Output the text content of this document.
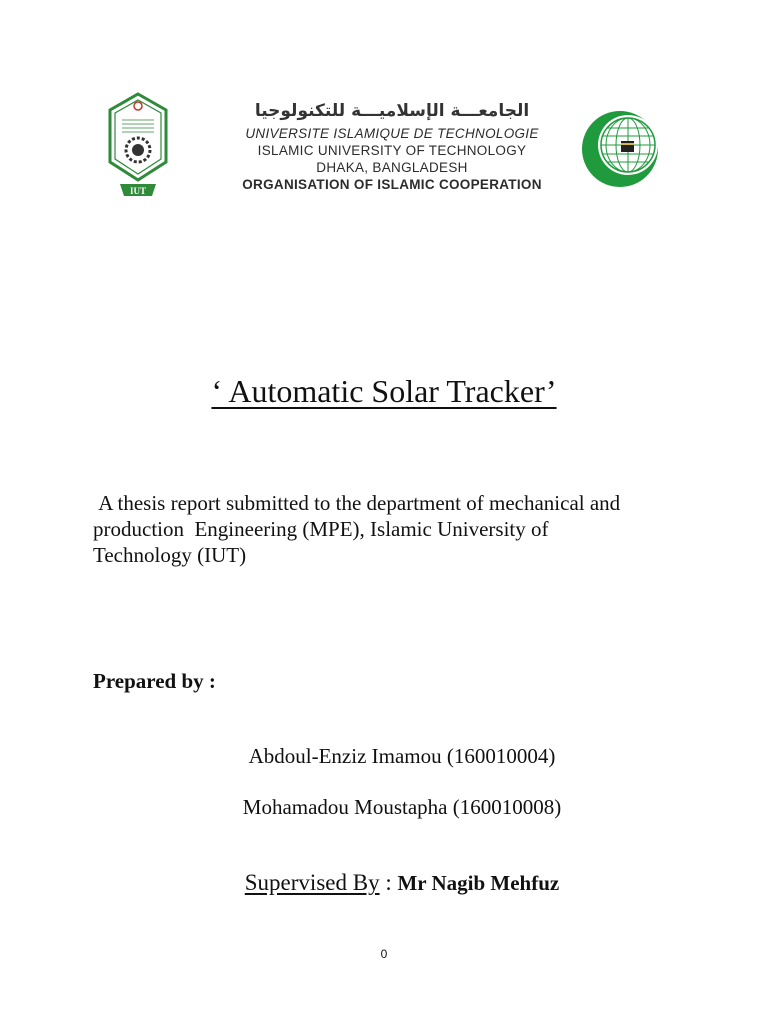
IUT
الجامعـــة الإسلاميـــة للتكنولوجيا
UNIVERSITE ISLAMIQUE DE TECHNOLOGIE
ISLAMIC UNIVERSITY OF TECHNOLOGY
DHAKA, BANGLADESH
ORGANISATION OF ISLAMIC COOPERATION
‘ Automatic Solar Tracker’
A thesis report submitted to the department of mechanical and
production  Engineering (MPE), Islamic University of
Technology (IUT)
Prepared by :
Abdoul-Enziz Imamou (160010004)
Mohamadou Moustapha (160010008)
Supervised By : Mr Nagib Mehfuz
0
